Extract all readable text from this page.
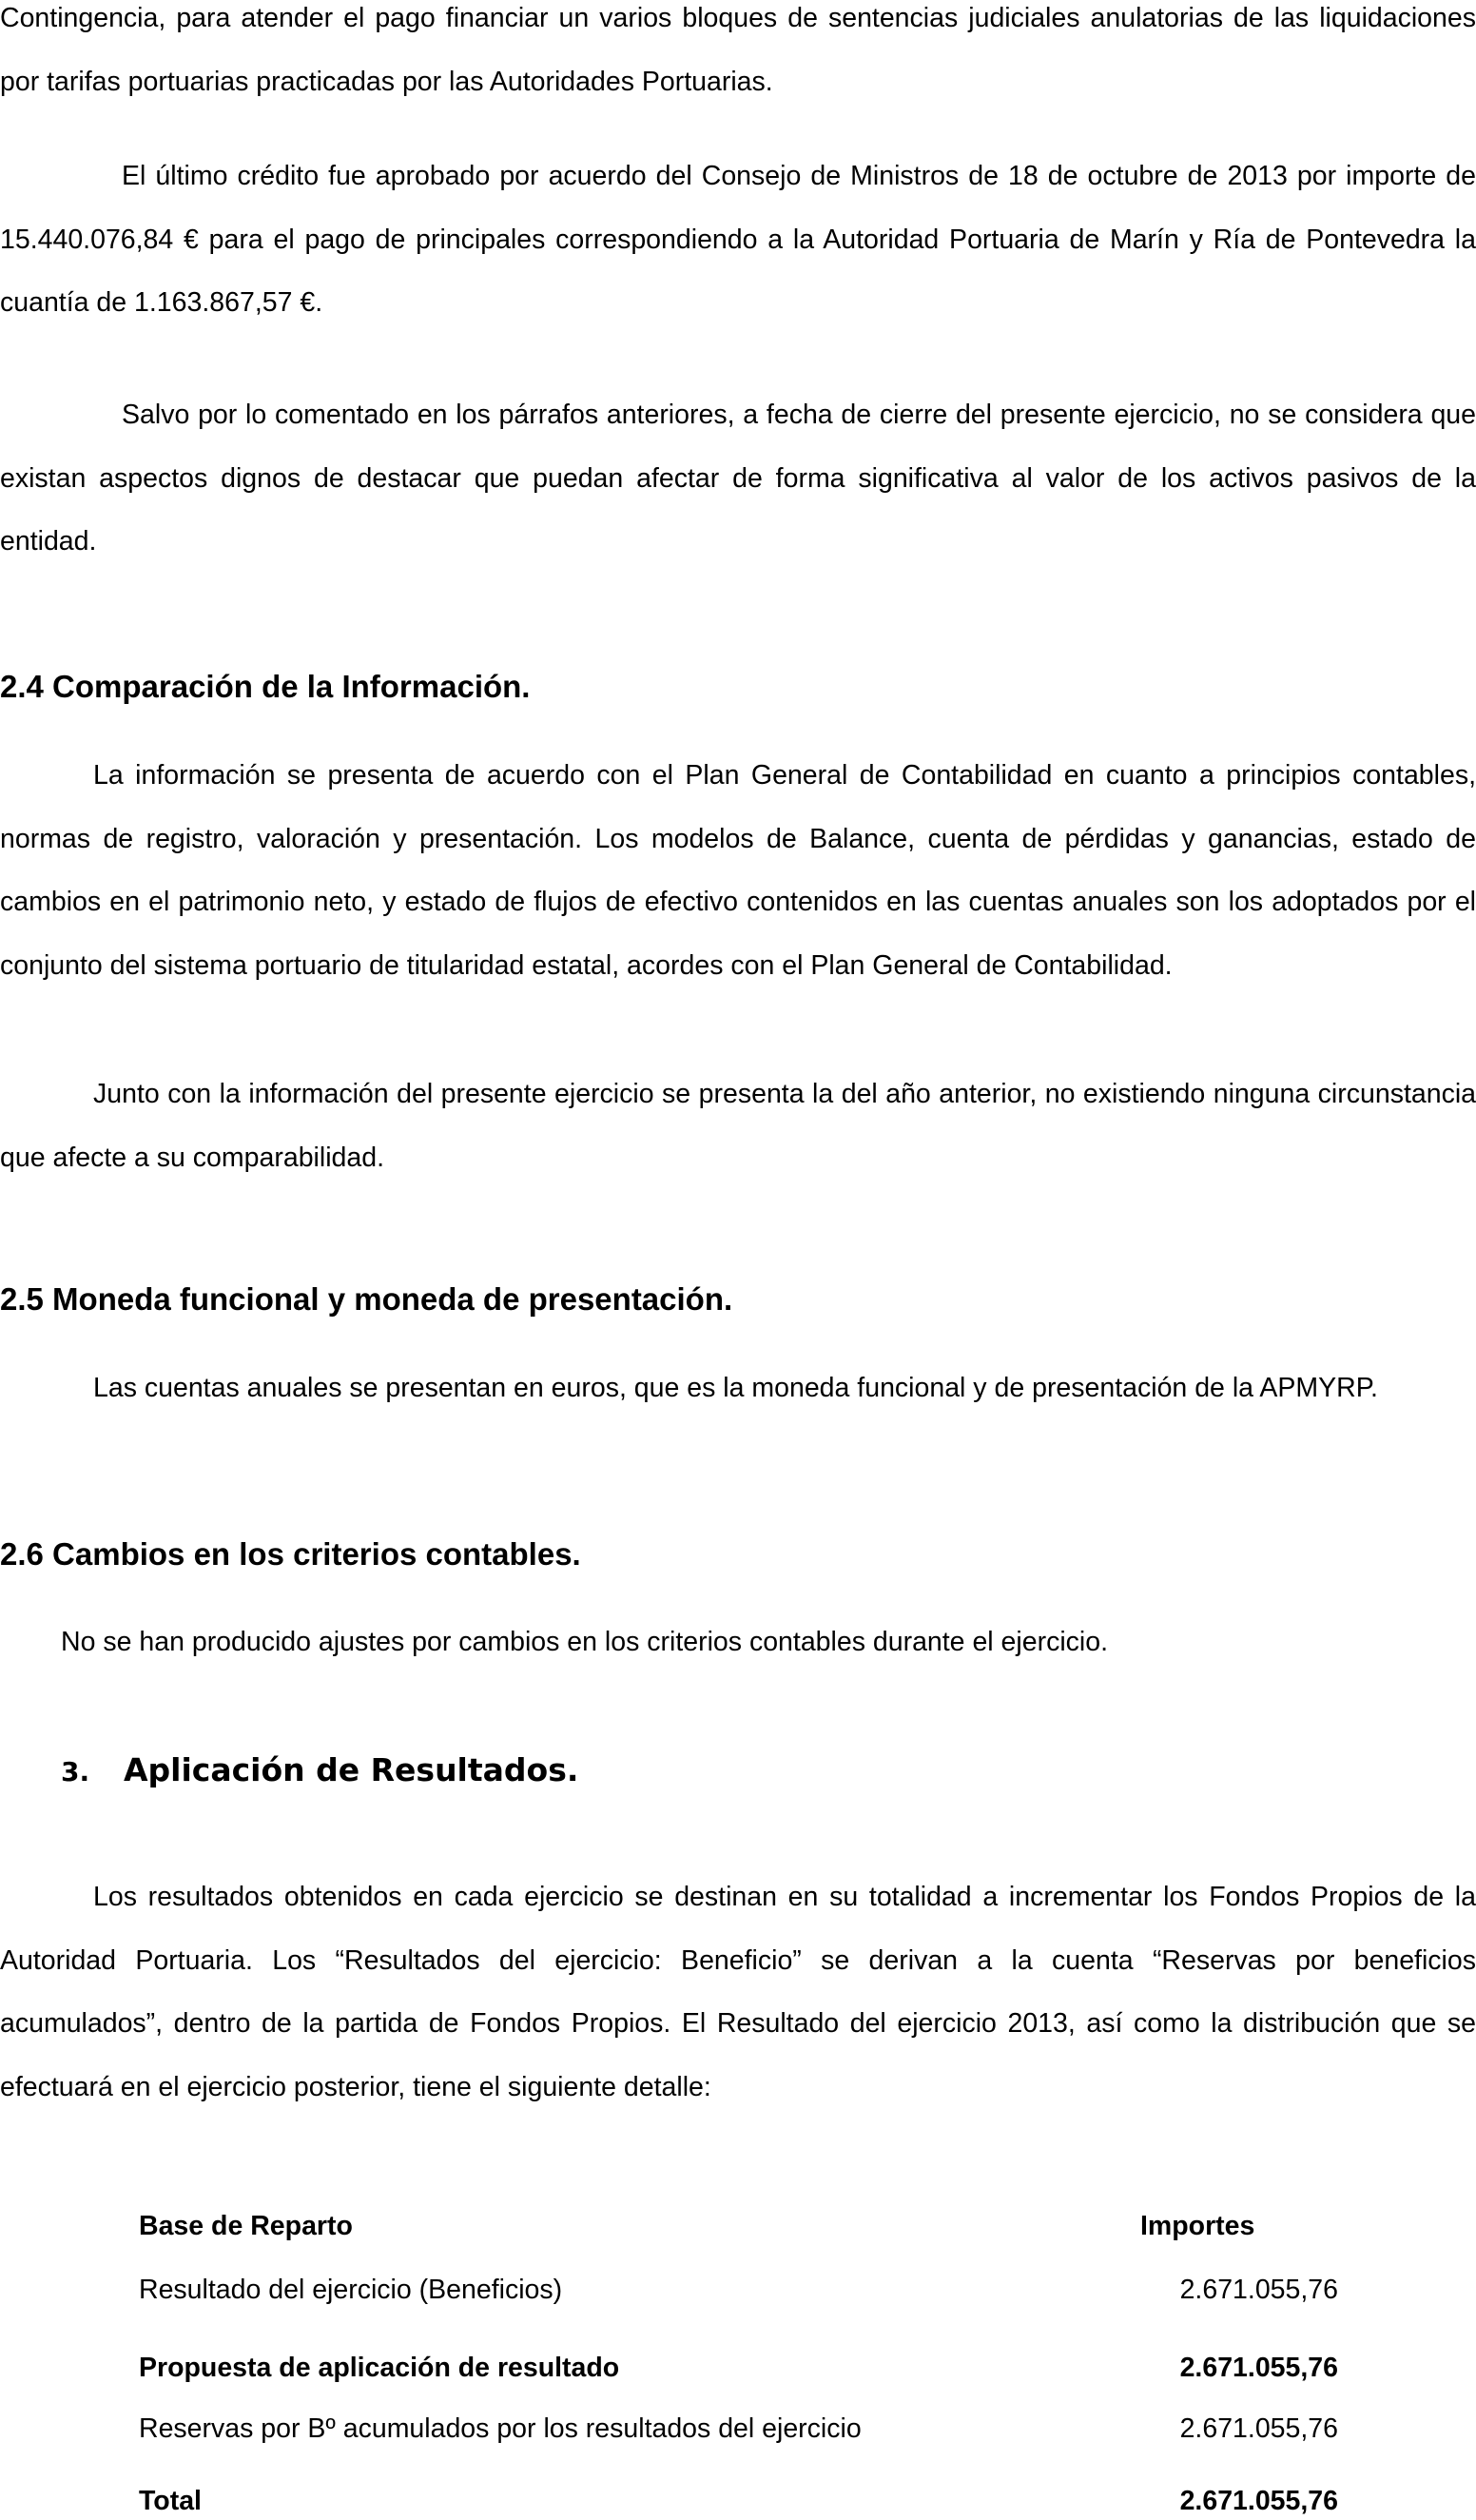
Contingencia, para atender el pago financiar un varios bloques de sentencias judiciales anulatorias de las liquidaciones por tarifas portuarias practicadas por las Autoridades Portuarias.

El último crédito fue aprobado por acuerdo del Consejo de Ministros de 18 de octubre de 2013 por importe de 15.440.076,84 € para el pago de principales correspondiendo a la Autoridad Portuaria de Marín y Ría de Pontevedra la cuantía de 1.163.867,57 €.

Salvo por lo comentado en los párrafos anteriores, a fecha de cierre del presente ejercicio, no se considera que existan aspectos dignos de destacar que puedan afectar de forma significativa al valor de los activos pasivos de la entidad.

2.4 Comparación de la Información.

La información se presenta de acuerdo con el Plan General de Contabilidad en cuanto a principios contables, normas de registro, valoración y presentación. Los modelos de Balance, cuenta de pérdidas y ganancias, estado de cambios en el patrimonio neto, y estado de flujos de efectivo contenidos en las cuentas anuales son los adoptados por el conjunto del sistema portuario de titularidad estatal, acordes con el Plan General de Contabilidad.

Junto con la información del presente ejercicio se presenta la del año anterior, no existiendo ninguna circunstancia que afecte a su comparabilidad.

2.5 Moneda funcional y moneda de presentación.

Las cuentas anuales se presentan en euros, que es la moneda funcional y de presentación de la APMYRP.

2.6 Cambios en los criterios contables.

No se han producido ajustes por cambios en los criterios contables durante el ejercicio.

3. Aplicación de Resultados.

Los resultados obtenidos en cada ejercicio se destinan en su totalidad a incrementar los Fondos Propios de la Autoridad Portuaria. Los “Resultados del ejercicio: Beneficio” se derivan a la cuenta “Reservas por beneficios acumulados”, dentro de la partida de Fondos Propios. El Resultado del ejercicio 2013, así como la distribución que se efectuará en el ejercicio posterior, tiene el siguiente detalle:

Base de Reparto	Importes

Resultado del ejercicio (Beneficios)	2.671.055,76

Propuesta de aplicación de resultado	2.671.055,76

Reservas por Bº acumulados por los resultados del ejercicio	2.671.055,76

Total	2.671.055,76
